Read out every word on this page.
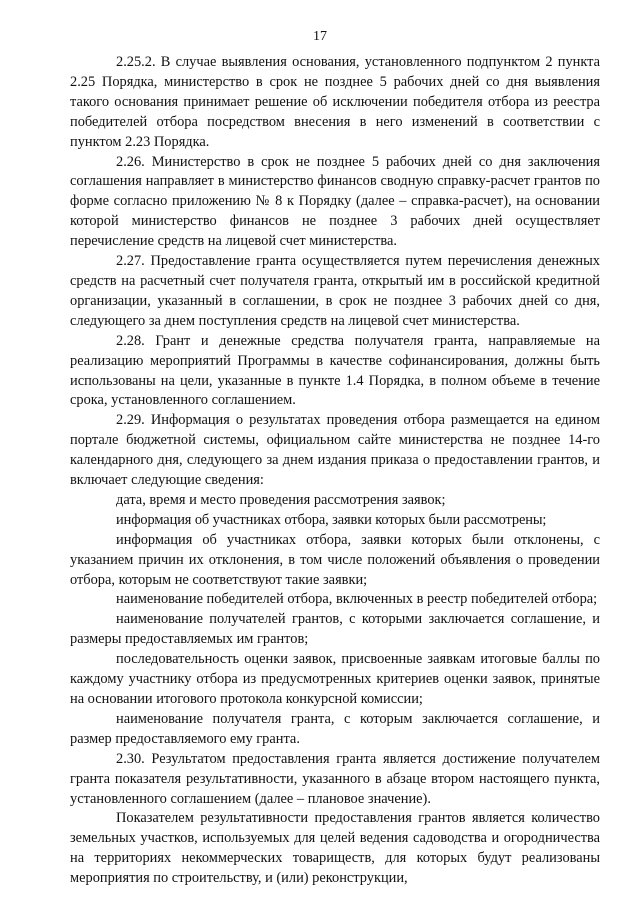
17

2.25.2. В случае выявления основания, установленного подпунктом 2 пункта 2.25 Порядка, министерство в срок не позднее 5 рабочих дней со дня выявления такого основания принимает решение об исключении победителя отбора из реестра победителей отбора посредством внесения в него изменений в соответствии с пунктом 2.23 Порядка.

2.26. Министерство в срок не позднее 5 рабочих дней со дня заключения соглашения направляет в министерство финансов сводную справку-расчет грантов по форме согласно приложению № 8 к Порядку (далее – справка-расчет), на основании которой министерство финансов не позднее 3 рабочих дней осуществляет перечисление средств на лицевой счет министерства.

2.27. Предоставление гранта осуществляется путем перечисления денежных средств на расчетный счет получателя гранта, открытый им в российской кредитной организации, указанный в соглашении, в срок не позднее 3 рабочих дней со дня, следующего за днем поступления средств на лицевой счет министерства.

2.28. Грант и денежные средства получателя гранта, направляемые на реализацию мероприятий Программы в качестве софинансирования, должны быть использованы на цели, указанные в пункте 1.4 Порядка, в полном объеме в течение срока, установленного соглашением.

2.29. Информация о результатах проведения отбора размещается на едином портале бюджетной системы, официальном сайте министерства не позднее 14-го календарного дня, следующего за днем издания приказа о предоставлении грантов, и включает следующие сведения:

дата, время и место проведения рассмотрения заявок;

информация об участниках отбора, заявки которых были рассмотрены;

информация об участниках отбора, заявки которых были отклонены, с указанием причин их отклонения, в том числе положений объявления о проведении отбора, которым не соответствуют такие заявки;

наименование победителей отбора, включенных в реестр победителей отбора;

наименование получателей грантов, с которыми заключается соглашение, и размеры предоставляемых им грантов;

последовательность оценки заявок, присвоенные заявкам итоговые баллы по каждому участнику отбора из предусмотренных критериев оценки заявок, принятые на основании итогового протокола конкурсной комиссии;

наименование получателя гранта, с которым заключается соглашение, и размер предоставляемого ему гранта.

2.30. Результатом предоставления гранта является достижение получателем гранта показателя результативности, указанного в абзаце втором настоящего пункта, установленного соглашением (далее – плановое значение).

Показателем результативности предоставления грантов является количество земельных участков, используемых для целей ведения садоводства и огородничества на территориях некоммерческих товариществ, для которых будут реализованы мероприятия по строительству, и (или) реконструкции,
